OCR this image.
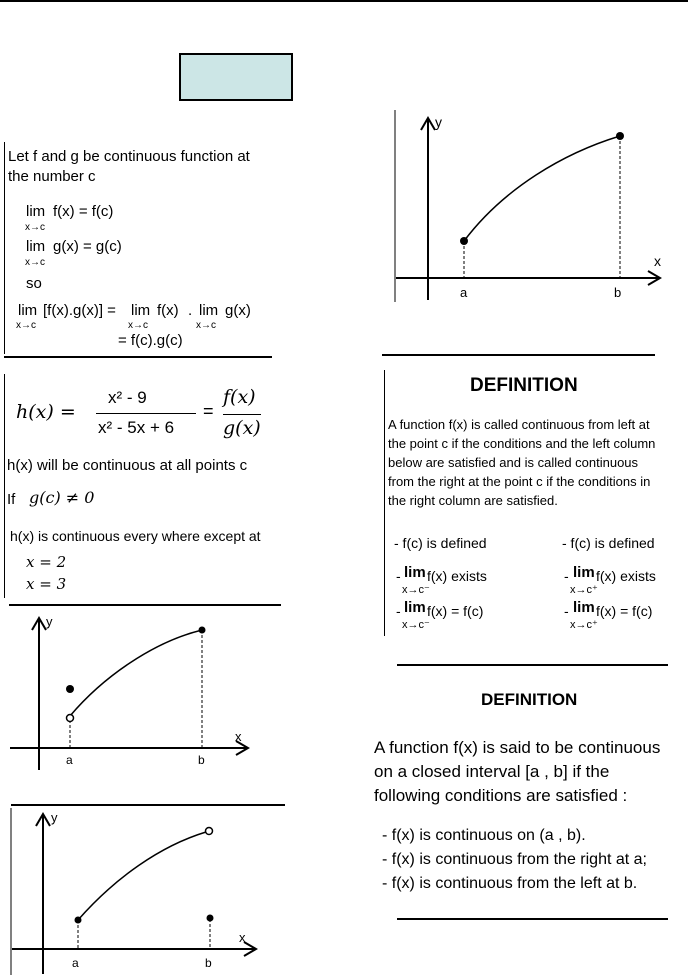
Let f and g be continuous function at
the number c
lim
x→c
f(x) = f(c)
lim
x→c
g(x) = g(c)
so
lim
x→c
[f(x).g(x)] = lim
x→c
f(x) . lim
x→c
g(x)
= f(c).g(c)
h(x) =
x² - 9
x² - 5x + 6
=
f(x)
g(x)
h(x) will be continuous at all points c
If g(c) ≠ 0
h(x) is continuous every where except at
x = 2
x = 3
y
x
a	b
DEFINITION
A function f(x) is called continuous from left at
the point c if the conditions and the left column
below are satisfied and is called continuous
from the right at the point c if the conditions in
the right column are satisfied.
- f(c) is defined	- f(c) is defined
- lim
x→c⁻
f(x) exists	- lim
x→c⁺
f(x) exists
- lim
x→c⁻
f(x) = f(c)	- lim
x→c⁺
f(x) = f(c)
y
x
a	b
y
x
a	b
DEFINITION
A function f(x) is said to be continuous
on a closed interval [a , b] if the
following conditions are satisfied :
- f(x) is continuous on (a , b).
- f(x) is continuous from the right at a;
- f(x) is continuous from the left at b.
